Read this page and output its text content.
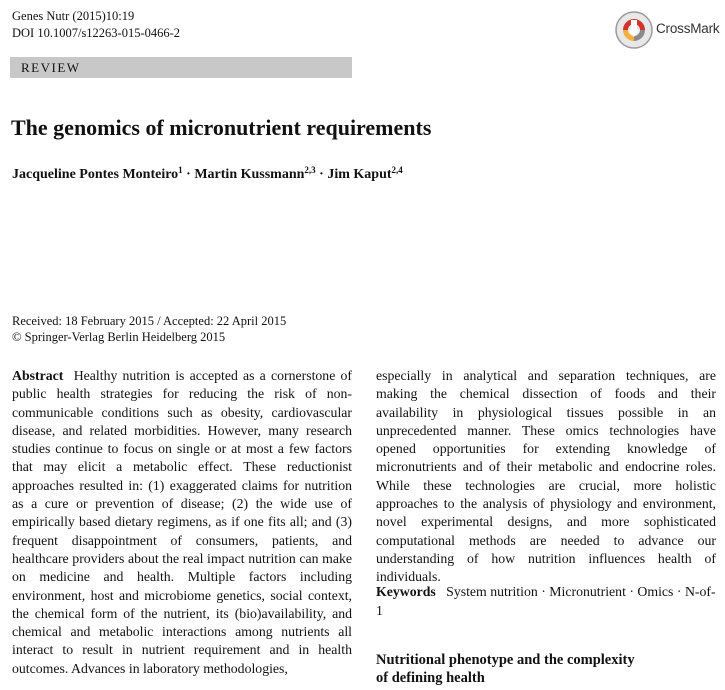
Genes Nutr (2015)10:19
DOI 10.1007/s12263-015-0466-2	CrossMark
REVIEW
The genomics of micronutrient requirements
Jacqueline Pontes Monteiro$^1$ · Martin Kussmann$^{2,3}$ · Jim Kaput$^{2,4}$
Received: 18 February 2015 / Accepted: 22 April 2015
© Springer-Verlag Berlin Heidelberg 2015

Abstract Healthy nutrition is accepted as a cornerstone of public health strategies for reducing the risk of non-communicable conditions such as obesity, cardiovascular disease, and related morbidities. However, many research studies continue to focus on single or at most a few factors that may elicit a metabolic effect. These reductionist approaches resulted in: (1) exaggerated claims for nutrition as a cure or prevention of disease; (2) the wide use of empirically based dietary regimens, as if one fits all; and (3) frequent disappointment of consumers, patients, and healthcare providers about the real impact nutrition can make on medicine and health. Multiple factors including environment, host and microbiome genetics, social context, the chemical form of the nutrient, its (bio)availability, and chemical and metabolic interactions among nutrients all interact to result in nutrient requirement and in health outcomes. Advances in laboratory methodologies,

especially in analytical and separation techniques, are making the chemical dissection of foods and their availability in physiological tissues possible in an unprecedented manner. These omics technologies have opened opportunities for extending knowledge of micronutrients and of their metabolic and endocrine roles. While these technologies are crucial, more holistic approaches to the analysis of physiology and environment, novel experimental designs, and more sophisticated computational methods are needed to advance our understanding of how nutrition influences health of individuals.

Keywords System nutrition · Micronutrient · Omics · N-of-1
Nutritional phenotype and the complexity
of defining health
